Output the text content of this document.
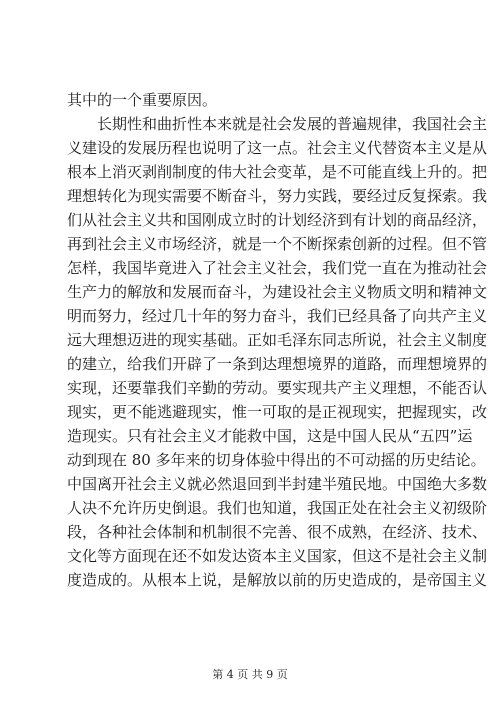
其中的一个重要原因。
长期性和曲折性本来就是社会发展的普遍规律，我国社会主
义建设的发展历程也说明了这一点。社会主义代替资本主义是从
根本上消灭剥削制度的伟大社会变革，是不可能直线上升的。把
理想转化为现实需要不断奋斗，努力实践，要经过反复探索。我
们从社会主义共和国刚成立时的计划经济到有计划的商品经济，
再到社会主义市场经济，就是一个不断探索创新的过程。但不管
怎样，我国毕竟进入了社会主义社会，我们党一直在为推动社会
生产力的解放和发展而奋斗，为建设社会主义物质文明和精神文
明而努力，经过几十年的努力奋斗，我们已经具备了向共产主义
远大理想迈进的现实基础。正如毛泽东同志所说，社会主义制度
的建立，给我们开辟了一条到达理想境界的道路，而理想境界的
实现，还要靠我们辛勤的劳动。要实现共产主义理想，不能否认
现实，更不能逃避现实，惟一可取的是正视现实，把握现实，改
造现实。只有社会主义才能救中国，这是中国人民从“五四”运
动到现在 80 多年来的切身体验中得出的不可动摇的历史结论。
中国离开社会主义就必然退回到半封建半殖民地。中国绝大多数
人决不允许历史倒退。我们也知道，我国正处在社会主义初级阶
段，各种社会体制和机制很不完善、很不成熟，在经济、技术、
文化等方面现在还不如发达资本主义国家，但这不是社会主义制
度造成的。从根本上说，是解放以前的历史造成的，是帝国主义
第 4 页 共 9 页
